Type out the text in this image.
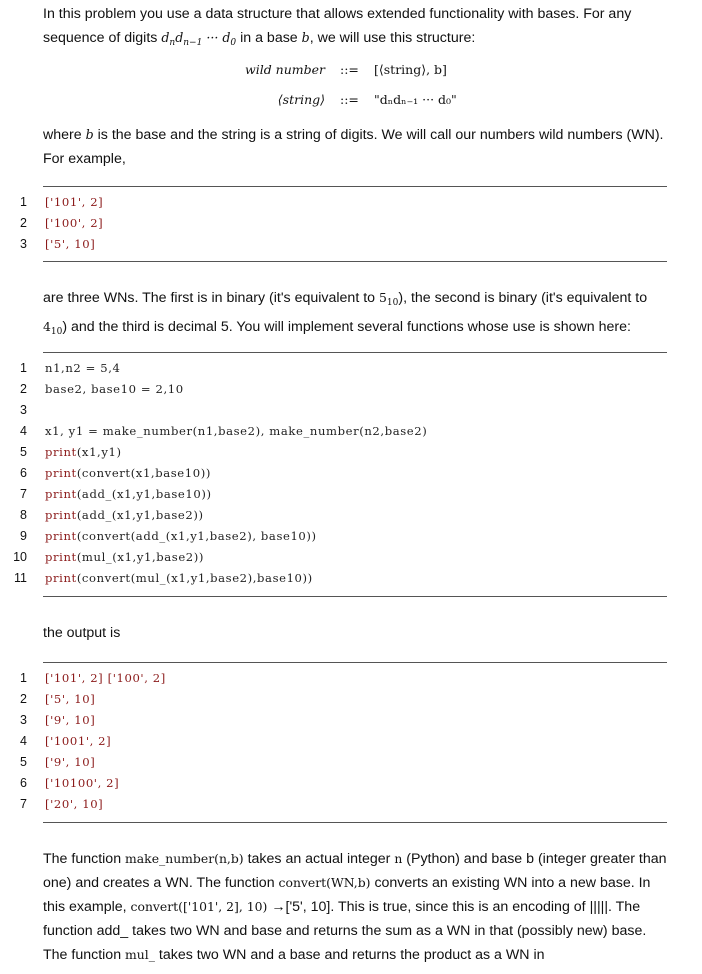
In this problem you use a data structure that allows extended functionality with bases. For any sequence of digits $d_nd_{n-1}$ ··· $d_0$ in a base b, we will use this structure:
wild number ::= [⟨string⟩, b]
⟨string⟩ ::= "dₙdₙ₋₁ ··· d₀"
where b is the base and the string is a string of digits. We will call our numbers wild numbers (WN). For example,
1 ['101', 2]
2 ['100', 2]
3 ['5', 10]
are three WNs. The first is in binary (it's equivalent to $5_{10}$), the second is binary (it's equivalent to $4_{10}$) and the third is decimal 5. You will implement several functions whose use is shown here:
1 n1,n2 = 5,4
2 base2, base10 = 2,10
3
4 x1, y1 = make_number(n1,base2), make_number(n2,base2)
5 print(x1,y1)
6 print(convert(x1,base10))
7 print(add_(x1,y1,base10))
8 print(add_(x1,y1,base2))
9 print(convert(add_(x1,y1,base2), base10))
10 print(mul_(x1,y1,base2))
11 print(convert(mul_(x1,y1,base2),base10))
the output is
1 ['101', 2] ['100', 2]
2 ['5', 10]
3 ['9', 10]
4 ['1001', 2]
5 ['9', 10]
6 ['10100', 2]
7 ['20', 10]
The function make_number(n,b) takes an actual integer n (Python) and base b (integer greater than one) and creates a WN. The function convert(WN,b) converts an existing WN into a new base. In this example, convert(['101', 2], 10) →['5', 10]. This is true, since this is an encoding of |||||. The function add_ takes two WN and base and returns the sum as a WN in that (possibly new) base. The function mul_ takes two WN and a base and returns the product as a WN in
